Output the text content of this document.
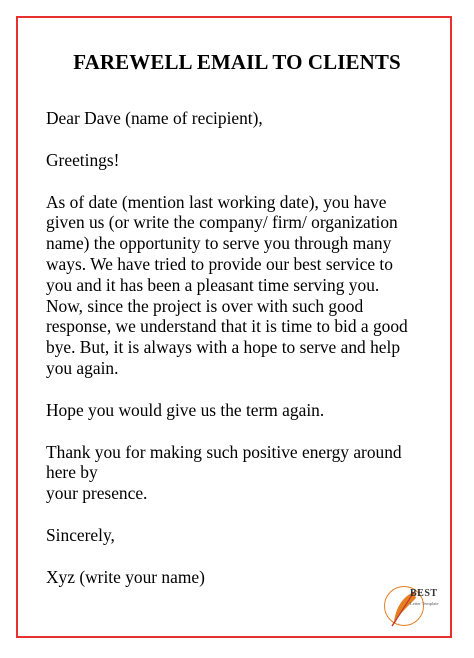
FAREWELL EMAIL TO CLIENTS

Dear Dave (name of recipient),

Greetings!

As of date (mention last working date), you have
given us (or write the company/ firm/ organization
name) the opportunity to serve you through many
ways. We have tried to provide our best service to
you and it has been a pleasant time serving you.
Now, since the project is over with such good
response, we understand that it is time to bid a good
bye. But, it is always with a hope to serve and help
you again.

Hope you would give us the term again.

Thank you for making such positive energy around
here by
your presence.

Sincerely,

Xyz (write your name)

BEST
Letter Template
